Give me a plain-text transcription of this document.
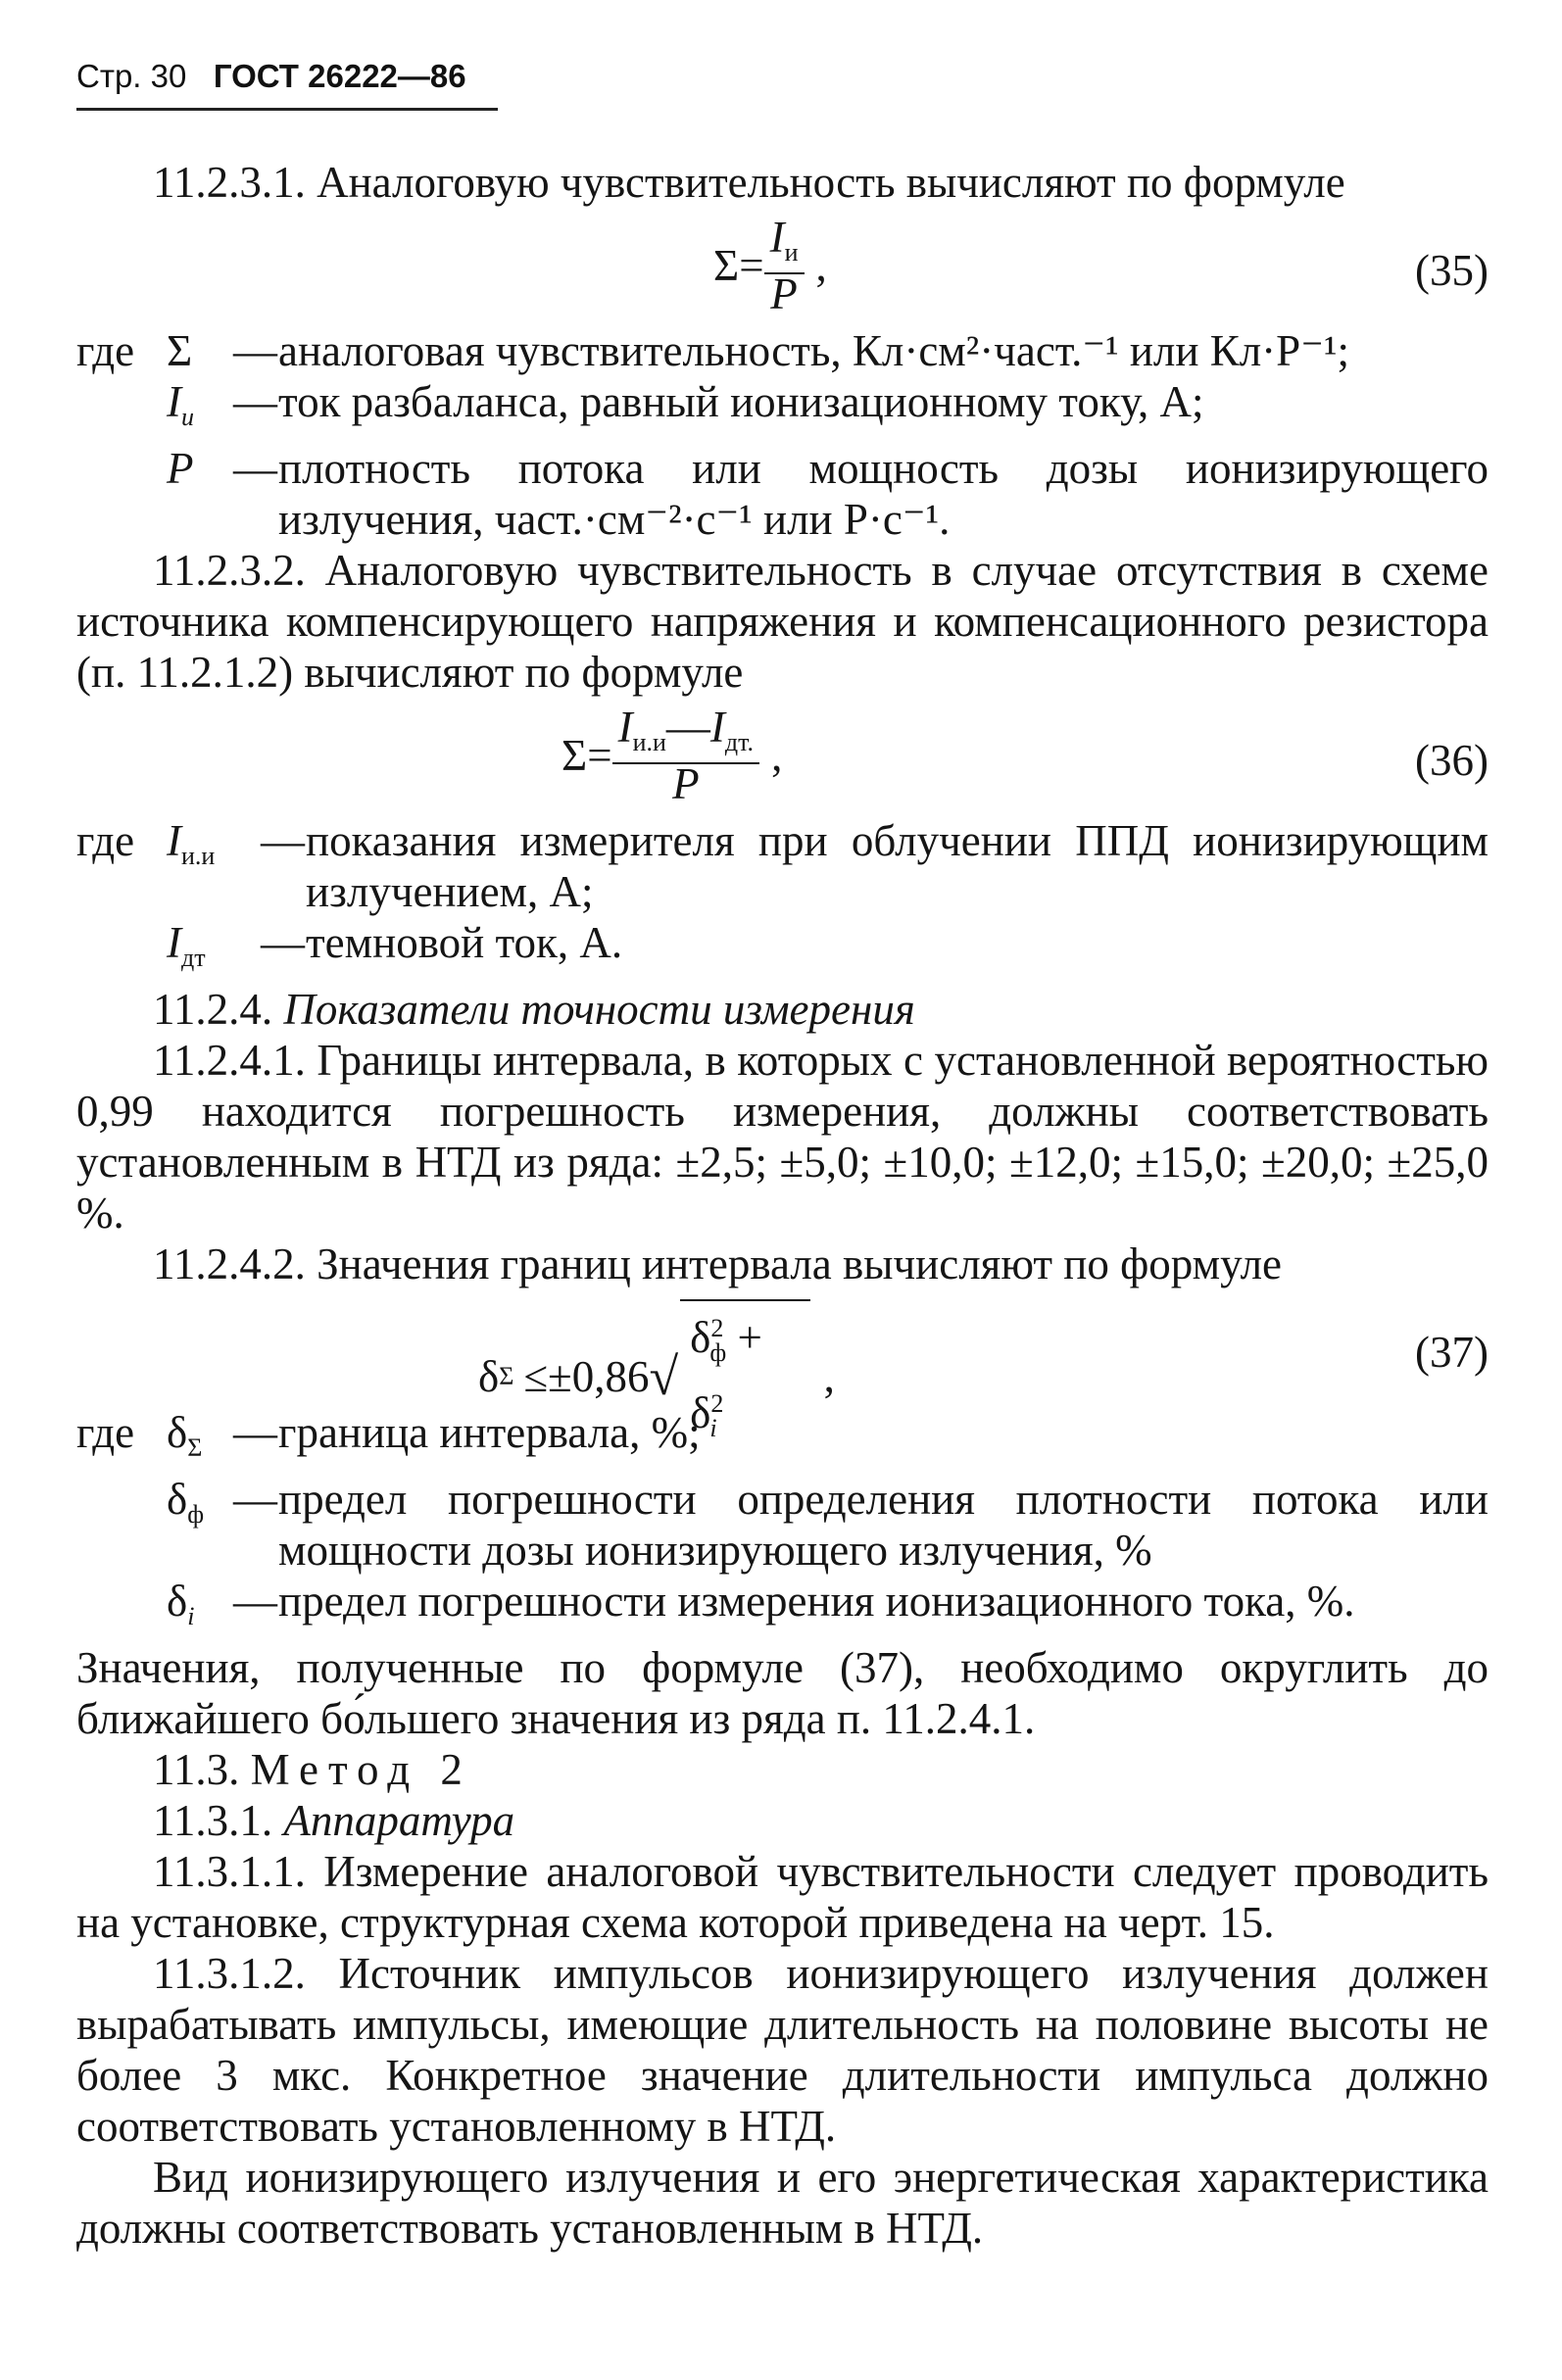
Стр. 30 ГОСТ 26222—86

11.2.3.1. Аналоговую чувствительность вычисляют по формуле

$\Sigma = \frac{I_и}{P}$ ,	(35)
где Σ — аналоговая чувствительность, Кл·см²·част.⁻¹ или Кл·Р⁻¹;
$I_и$ — ток разбаланса, равный ионизационному току, А;
P — плотность потока или мощность дозы ионизирующего излучения, част.·см⁻²·с⁻¹ или Р·с⁻¹.

11.2.3.2. Аналоговую чувствительность в случае отсутствия в схеме источника компенсирующего напряжения и компенсационного резистора (п. 11.2.1.2) вычисляют по формуле

$\Sigma = \frac{I_{и.и}—I_{дт.}}{P}$ ,	(36)
где $I_{и.и}$	— показания измерителя при облучении ППД ионизирующим излучением, А;
$I_{дт}$	— темновой ток, А.

11.2.4. Показатели точности измерения

11.2.4.1. Границы интервала, в которых с установленной вероятностью 0,99 находится погрешность измерения, должны соответствовать установленным в НТД из ряда: ±2,5; ±5,0; ±10,0; ±12,0; ±15,0; ±20,0; ±25,0 %.

11.2.4.2. Значения границ интервала вычисляют по формуле

δ Σ ≤±0,86 √
$\delta^2_ф + \delta^2_i$
,	(37)
где $\delta_\Sigma$ — граница интервала, %;
$\delta_ф$ — предел погрешности определения плотности потока или мощности дозы ионизирующего излучения, %
$\delta_i$ — предел погрешности измерения ионизационного тока, %.

Значения, полученные по формуле (37), необходимо округлить до ближайшего бо́льшего значения из ряда п. 11.2.4.1.

11.3. Метод 2

11.3.1. Аппаратура

11.3.1.1. Измерение аналоговой чувствительности следует проводить на установке, структурная схема которой приведена на черт. 15.

11.3.1.2. Источник импульсов ионизирующего излучения должен вырабатывать импульсы, имеющие длительность на половине высоты не более 3 мкс. Конкретное значение длительности импульса должно соответствовать установленному в НТД.

Вид ионизирующего излучения и его энергетическая характеристика должны соответствовать установленным в НТД.
